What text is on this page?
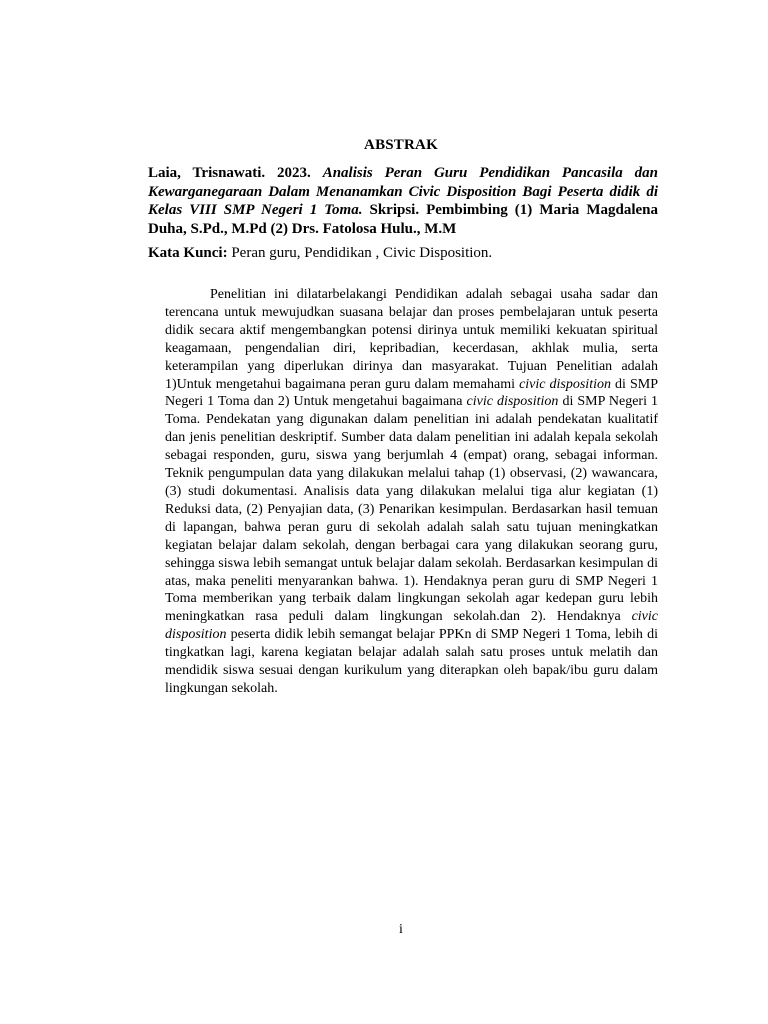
ABSTRAK
Laia, Trisnawati. 2023. Analisis Peran Guru Pendidikan Pancasila dan Kewarganegaraan Dalam Menanamkan Civic Disposition Bagi Peserta didik di Kelas VIII SMP Negeri 1 Toma. Skripsi. Pembimbing (1) Maria Magdalena Duha, S.Pd., M.Pd (2) Drs. Fatolosa Hulu., M.M
Kata Kunci: Peran guru, Pendidikan , Civic Disposition.

Penelitian ini dilatarbelakangi Pendidikan adalah sebagai usaha sadar dan terencana untuk mewujudkan suasana belajar dan proses pembelajaran untuk peserta didik secara aktif mengembangkan potensi dirinya untuk memiliki kekuatan spiritual keagamaan, pengendalian diri, kepribadian, kecerdasan, akhlak mulia, serta keterampilan yang diperlukan dirinya dan masyarakat. Tujuan Penelitian adalah 1)Untuk mengetahui bagaimana peran guru dalam memahami civic disposition di SMP Negeri 1 Toma dan 2) Untuk mengetahui bagaimana civic disposition di SMP Negeri 1 Toma. Pendekatan yang digunakan dalam penelitian ini adalah pendekatan kualitatif dan jenis penelitian deskriptif. Sumber data dalam penelitian ini adalah kepala sekolah sebagai responden, guru, siswa yang berjumlah 4 (empat) orang, sebagai informan. Teknik pengumpulan data yang dilakukan melalui tahap (1) observasi, (2) wawancara, (3) studi dokumentasi. Analisis data yang dilakukan melalui tiga alur kegiatan (1) Reduksi data, (2) Penyajian data, (3) Penarikan kesimpulan. Berdasarkan hasil temuan di lapangan, bahwa peran guru di sekolah adalah salah satu tujuan meningkatkan kegiatan belajar dalam sekolah, dengan berbagai cara yang dilakukan seorang guru, sehingga siswa lebih semangat untuk belajar dalam sekolah. Berdasarkan kesimpulan di atas, maka peneliti menyarankan bahwa. 1). Hendaknya peran guru di SMP Negeri 1 Toma memberikan yang terbaik dalam lingkungan sekolah agar kedepan guru lebih meningkatkan rasa peduli dalam lingkungan sekolah.dan 2). Hendaknya civic disposition peserta didik lebih semangat belajar PPKn di SMP Negeri 1 Toma, lebih di tingkatkan lagi, karena kegiatan belajar adalah salah satu proses untuk melatih dan mendidik siswa sesuai dengan kurikulum yang diterapkan oleh bapak/ibu guru dalam lingkungan sekolah.

i
